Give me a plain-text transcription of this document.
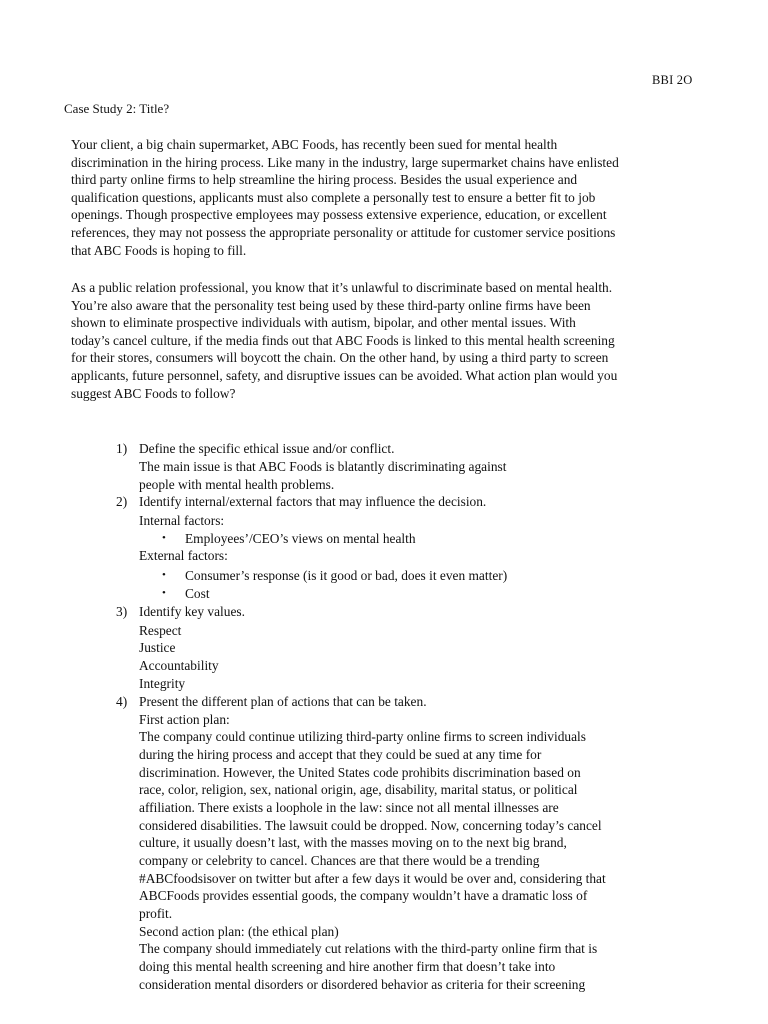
BBI 2O
Case Study 2: Title?
Your client, a big chain supermarket, ABC Foods, has recently been sued for mental health
discrimination in the hiring process. Like many in the industry, large supermarket chains have enlisted
third party online firms to help streamline the hiring process. Besides the usual experience and
qualification questions, applicants must also complete a personally test to ensure a better fit to job
openings. Though prospective employees may possess extensive experience, education, or excellent
references, they may not possess the appropriate personality or attitude for customer service positions
that ABC Foods is hoping to fill.
As a public relation professional, you know that it’s unlawful to discriminate based on mental health.
You’re also aware that the personality test being used by these third-party online firms have been
shown to eliminate prospective individuals with autism, bipolar, and other mental issues. With
today’s cancel culture, if the media finds out that ABC Foods is linked to this mental health screening
for their stores, consumers will boycott the chain. On the other hand, by using a third party to screen
applicants, future personnel, safety, and disruptive issues can be avoided. What action plan would you
suggest ABC Foods to follow?
1) Define the specific ethical issue and/or conflict.
The main issue is that ABC Foods is blatantly discriminating against
people with mental health problems.
2) Identify internal/external factors that may influence the decision.
Internal factors:
• Employees’/CEO’s views on mental health
External factors:
• Consumer’s response (is it good or bad, does it even matter)
• Cost
3) Identify key values.
Respect
Justice
Accountability
Integrity
4) Present the different plan of actions that can be taken.
First action plan:
The company could continue utilizing third-party online firms to screen individuals
during the hiring process and accept that they could be sued at any time for
discrimination. However, the United States code prohibits discrimination based on
race, color, religion, sex, national origin, age, disability, marital status, or political
affiliation. There exists a loophole in the law: since not all mental illnesses are
considered disabilities. The lawsuit could be dropped. Now, concerning today’s cancel
culture, it usually doesn’t last, with the masses moving on to the next big brand,
company or celebrity to cancel. Chances are that there would be a trending
#ABCfoodsisover on twitter but after a few days it would be over and, considering that
ABCFoods provides essential goods, the company wouldn’t have a dramatic loss of
profit.
Second action plan: (the ethical plan)
The company should immediately cut relations with the third-party online firm that is
doing this mental health screening and hire another firm that doesn’t take into
consideration mental disorders or disordered behavior as criteria for their screening
